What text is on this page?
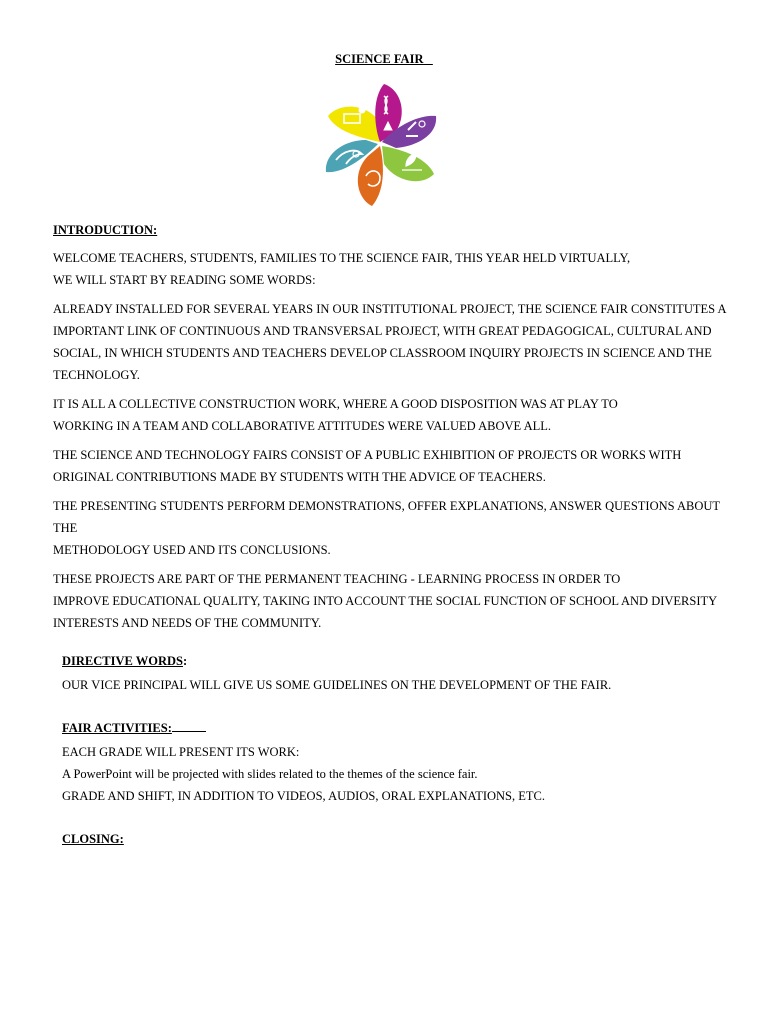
SCIENCE FAIR

INTRODUCTION:

WELCOME TEACHERS, STUDENTS, FAMILIES TO THE SCIENCE FAIR, THIS YEAR HELD VIRTUALLY,

WE WILL START BY READING SOME WORDS:

ALREADY INSTALLED FOR SEVERAL YEARS IN OUR INSTITUTIONAL PROJECT, THE SCIENCE FAIR CONSTITUTES A

IMPORTANT LINK OF CONTINUOUS AND TRANSVERSAL PROJECT, WITH GREAT PEDAGOGICAL, CULTURAL AND

SOCIAL, IN WHICH STUDENTS AND TEACHERS DEVELOP CLASSROOM INQUIRY PROJECTS IN SCIENCE AND THE

TECHNOLOGY.

IT IS ALL A COLLECTIVE CONSTRUCTION WORK, WHERE A GOOD DISPOSITION WAS AT PLAY TO

WORKING IN A TEAM AND COLLABORATIVE ATTITUDES WERE VALUED ABOVE ALL.

THE SCIENCE AND TECHNOLOGY FAIRS CONSIST OF A PUBLIC EXHIBITION OF PROJECTS OR WORKS WITH

ORIGINAL CONTRIBUTIONS MADE BY STUDENTS WITH THE ADVICE OF TEACHERS.

THE PRESENTING STUDENTS PERFORM DEMONSTRATIONS, OFFER EXPLANATIONS, ANSWER QUESTIONS ABOUT THE

METHODOLOGY USED AND ITS CONCLUSIONS.

THESE PROJECTS ARE PART OF THE PERMANENT TEACHING - LEARNING PROCESS IN ORDER TO

IMPROVE EDUCATIONAL QUALITY, TAKING INTO ACCOUNT THE SOCIAL FUNCTION OF SCHOOL AND DIVERSITY

INTERESTS AND NEEDS OF THE COMMUNITY.

DIRECTIVE WORDS:

OUR VICE PRINCIPAL WILL GIVE US SOME GUIDELINES ON THE DEVELOPMENT OF THE FAIR.

FAIR ACTIVITIES:

EACH GRADE WILL PRESENT ITS WORK:

A PowerPoint will be projected with slides related to the themes of the science fair.

GRADE AND SHIFT, IN ADDITION TO VIDEOS, AUDIOS, ORAL EXPLANATIONS, ETC.

CLOSING:
